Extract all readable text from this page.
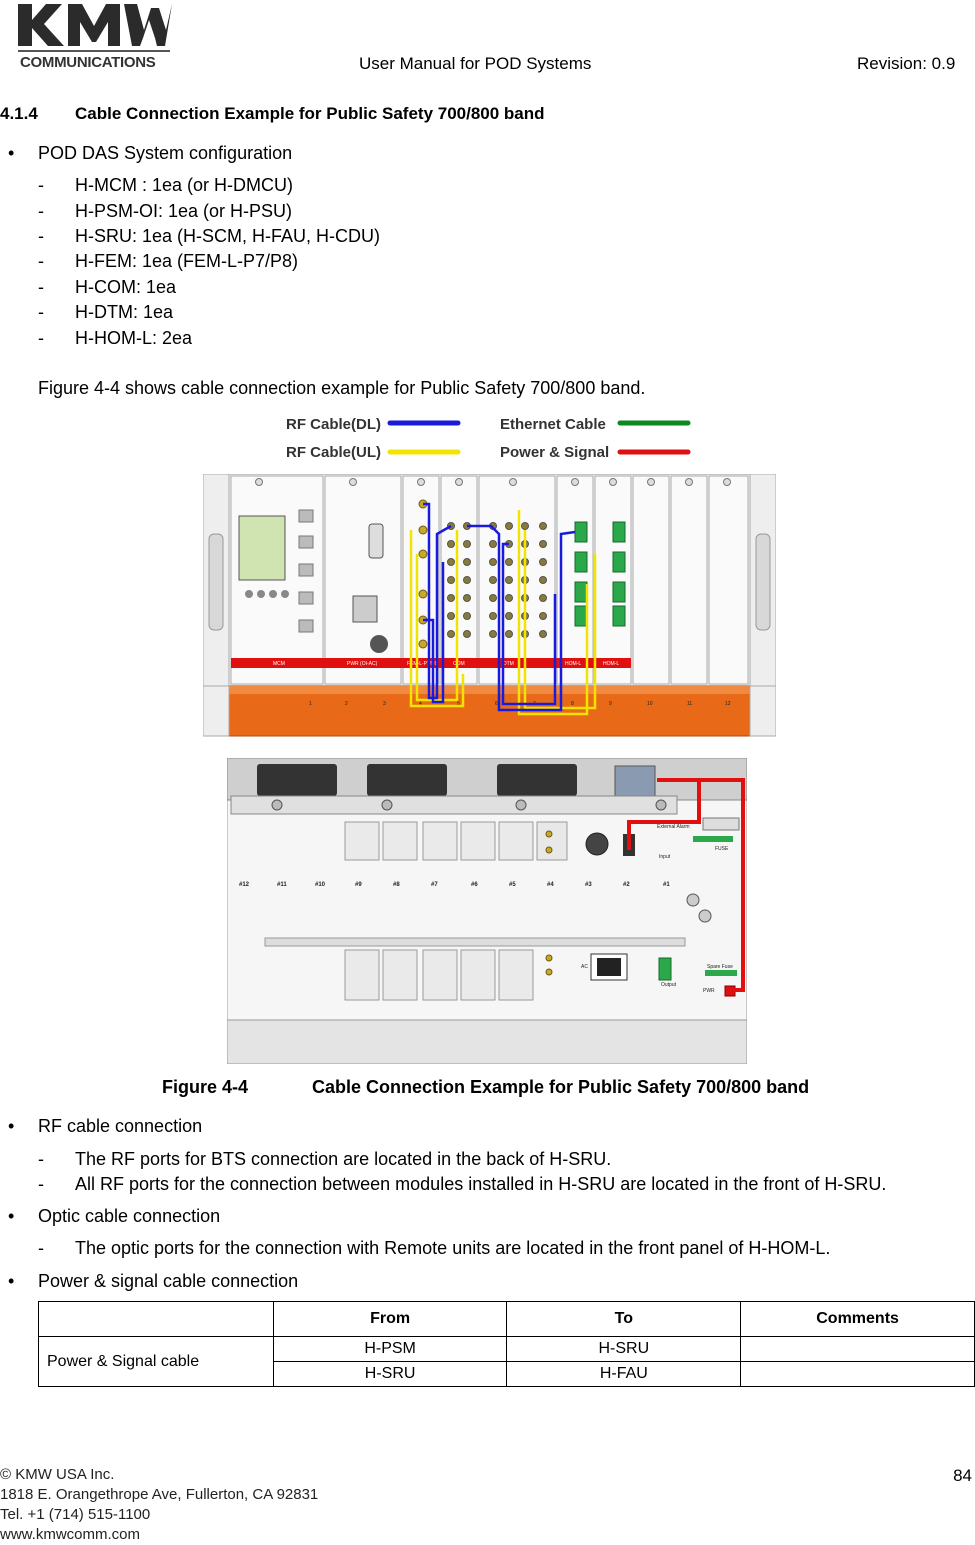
COMMUNICATIONS	User Manual for POD Systems	Revision: 0.9
4.1.4 Cable Connection Example for Public Safety 700/800 band
• POD DAS System configuration
- H-MCM : 1ea (or H-DMCU)
- H-PSM-OI: 1ea (or H-PSU)
- H-SRU: 1ea (H-SCM, H-FAU, H-CDU)
- H-FEM: 1ea (FEM-L-P7/P8)
- H-COM: 1ea
- H-DTM: 1ea
- H-HOM-L: 2ea
Figure 4-4 shows cable connection example for Public Safety 700/800 band.
RF Cable(DL)
RF Cable(UL)
Ethernet Cable
Power & Signal
MCM	PWR (OI-AC)	FEM-L-P7/P8	COM	DTM	HOM-L	HOM-L
1	2	3	4	5	6	7	8	9	10	11	12
External Alarm
FUSE
Input
#12	#11	#10	#9	#8	#7	#6	#5	#4	#3	#2	#1
AC
Output
Spare Fuse
PWR
Figure 4-4	Cable Connection Example for Public Safety 700/800 band
• RF cable connection
- The RF ports for BTS connection are located in the back of H-SRU.
- All RF ports for the connection between modules installed in H-SRU are located in the front of H-SRU.
• Optic cable connection
- The optic ports for the connection with Remote units are located in the front panel of H-HOM-L.
• Power & signal cable connection
	From	To	Comments
Power & Signal cable	H-PSM	H-SRU	
	H-SRU	H-FAU	
© KMW USA Inc.
1818 E. Orangethrope Ave, Fullerton, CA 92831
Tel. +1 (714) 515-1100
www.kmwcomm.com
84
